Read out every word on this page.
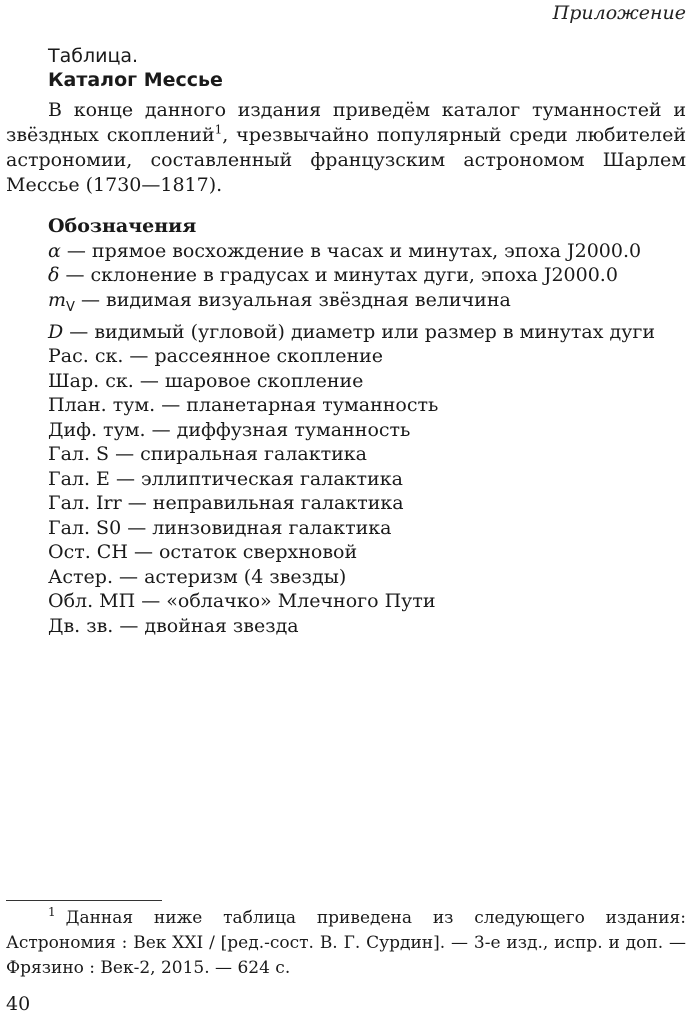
Приложение
Таблица.
Каталог Мессье

В конце данного издания приведём каталог туманностей и звёздных скоплений$^1$, чрезвычайно популярный среди любителей астрономии, составленный французским астрономом Шарлем Мессье (1730—1817).

Обозначения
α — прямое восхождение в часах и минутах, эпоха J2000.0
δ — склонение в градусах и минутах дуги, эпоха J2000.0
$m_V$ — видимая визуальная звёздная величина
D — видимый (угловой) диаметр или размер в минутах дуги
Рас. ск. — рассеянное скопление
Шар. ск. — шаровое скопление
План. тум. — планетарная туманность
Диф. тум. — диффузная туманность
Гал. S — спиральная галактика
Гал. E — эллиптическая галактика
Гал. Irr — неправильная галактика
Гал. S0 — линзовидная галактика
Ост. СН — остаток сверхновой
Астер. — астеризм (4 звезды)
Обл. МП — «облачко» Млечного Пути
Дв. зв. — двойная звезда

$^1$ Данная ниже таблица приведена из следующего издания: Астрономия : Век XXI / [ред.-сост. В. Г. Сурдин]. — 3-е изд., испр. и доп. — Фрязино : Век-2, 2015. — 624 с.

40
